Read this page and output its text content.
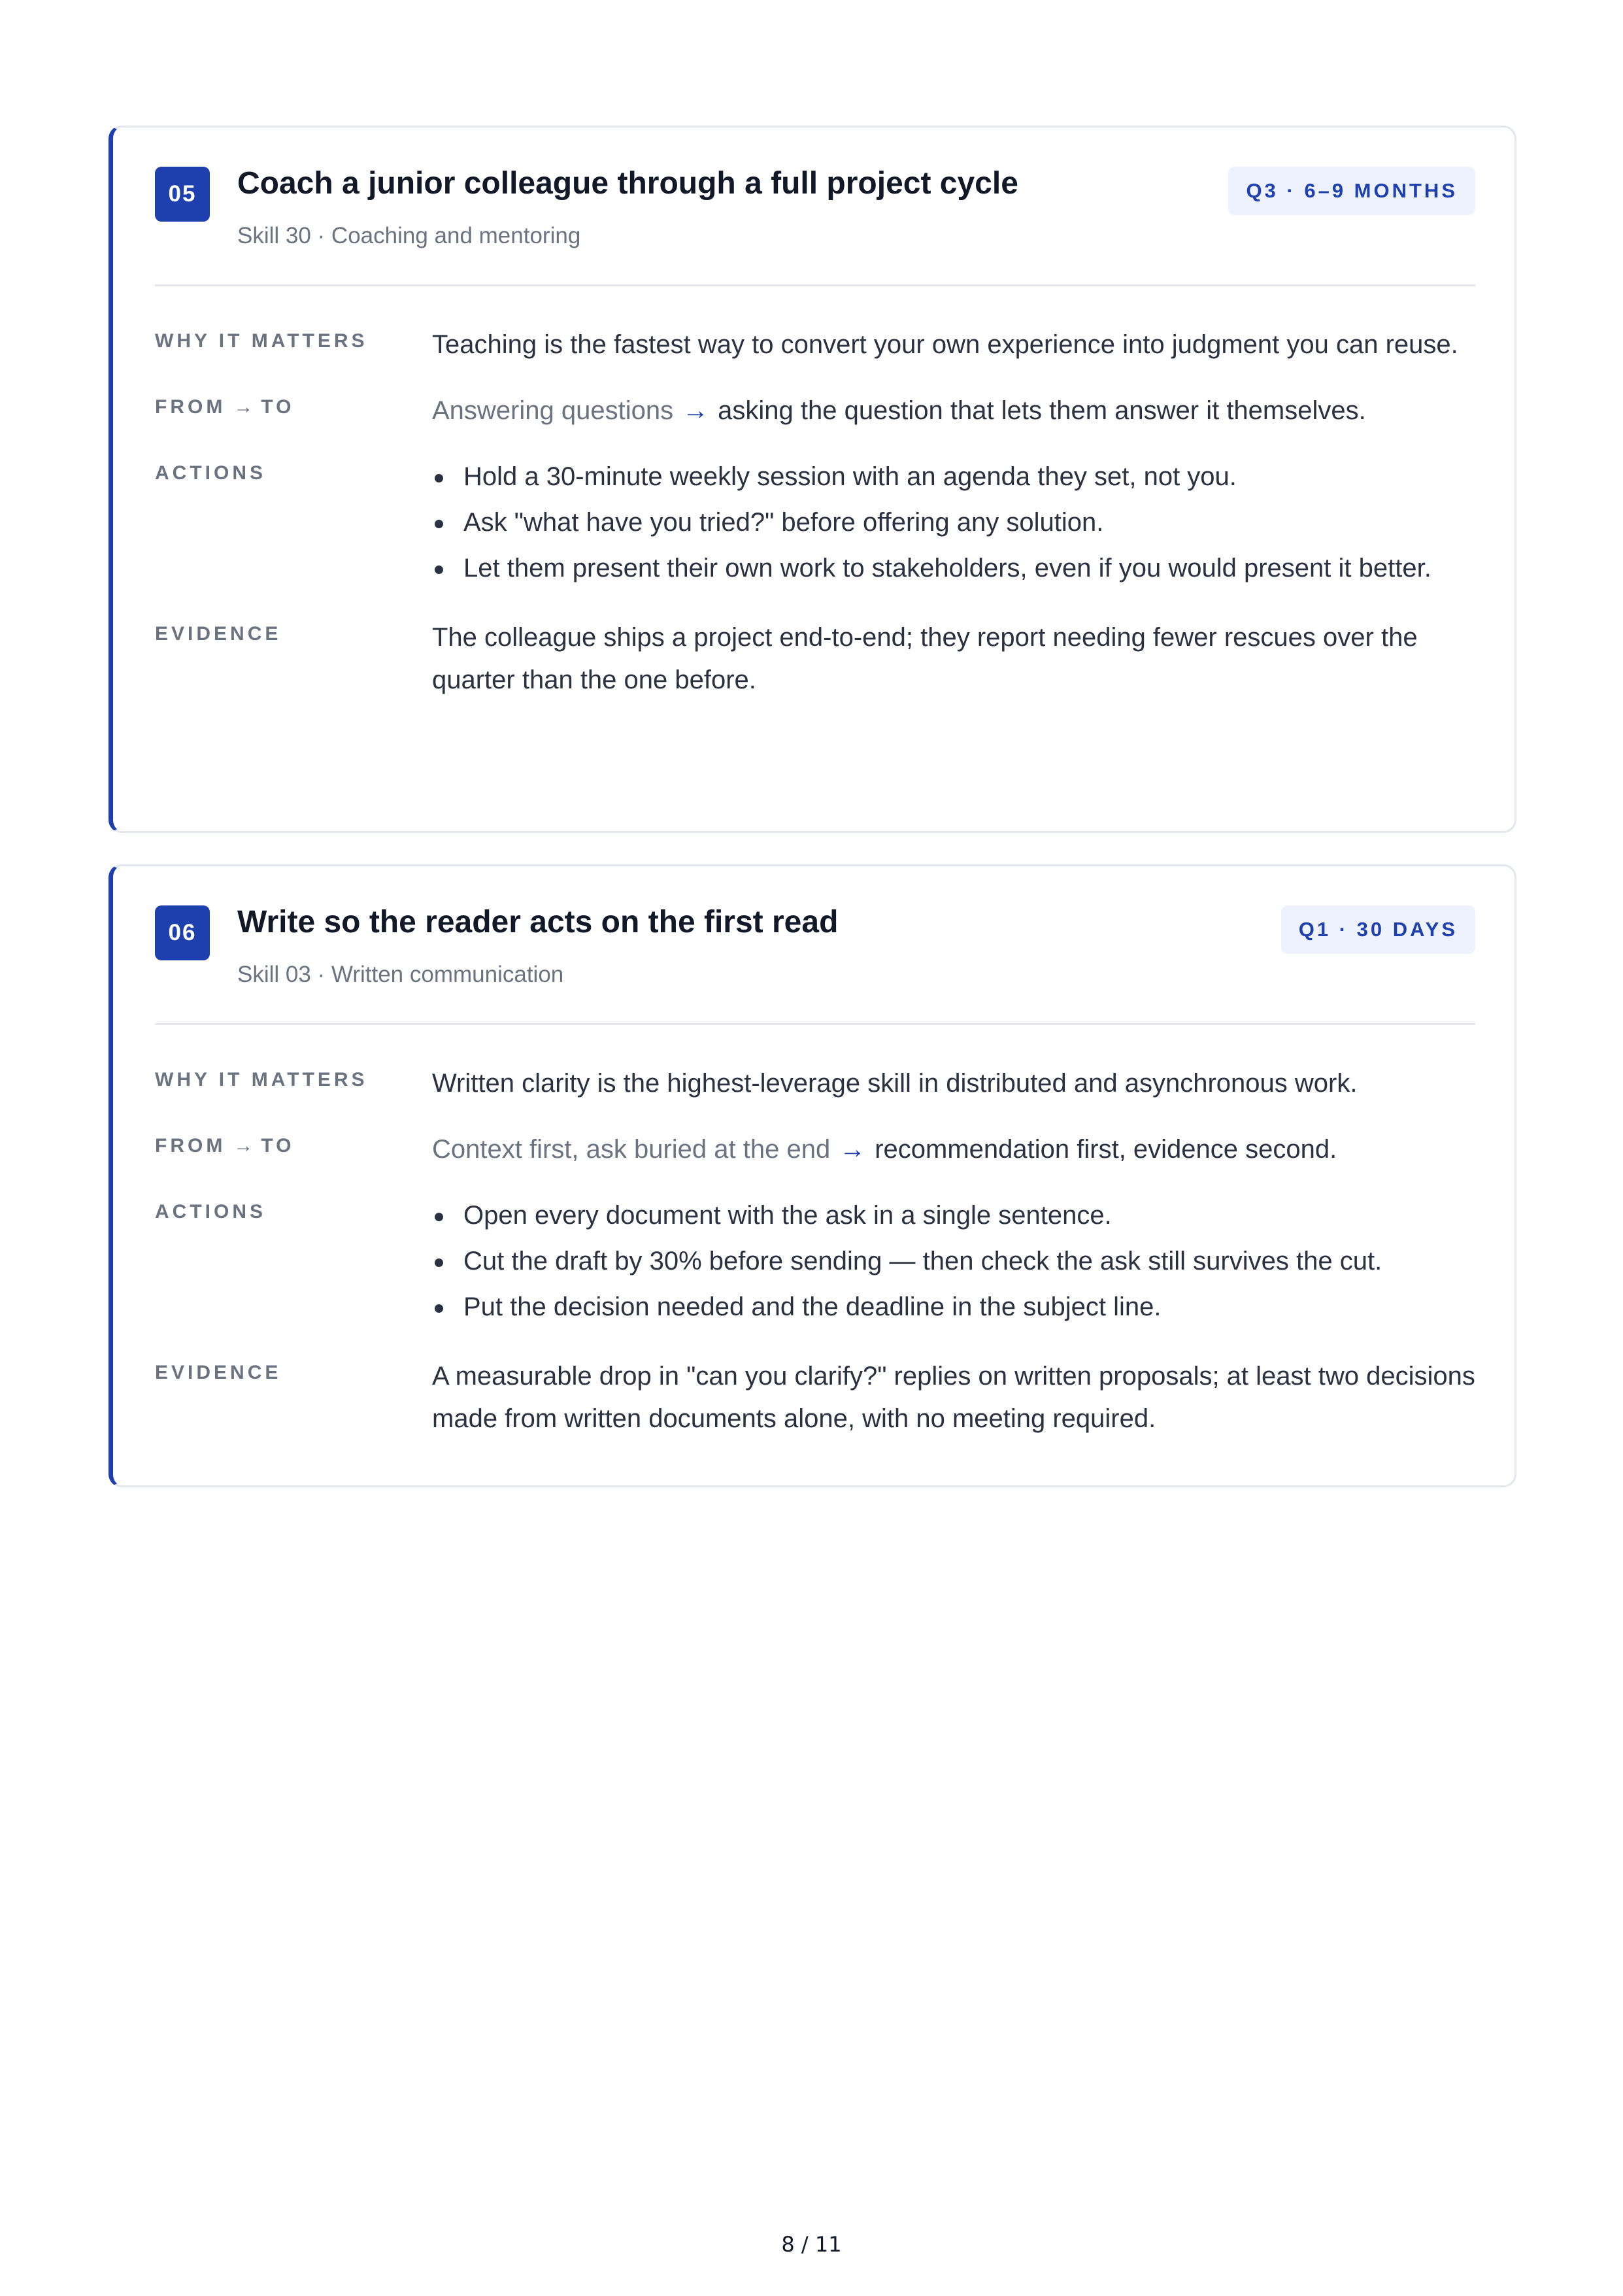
05	Coach a junior colleague through a full project cycle
Skill 30 · Coaching and mentoring
Q3 · 6–9 MONTHS
WHY IT MATTERS	Teaching is the fastest way to convert your own experience into judgment you can reuse.
FROM → TO	Answering questions → asking the question that lets them answer it themselves.
ACTIONS	Hold a 30-minute weekly session with an agenda they set, not you.
Ask "what have you tried?" before offering any solution.
Let them present their own work to stakeholders, even if you would present it better.
EVIDENCE	The colleague ships a project end-to-end; they report needing fewer rescues over the quarter than the one before.
06	Write so the reader acts on the first read
Skill 03 · Written communication
Q1 · 30 DAYS
WHY IT MATTERS	Written clarity is the highest-leverage skill in distributed and asynchronous work.
FROM → TO	Context first, ask buried at the end → recommendation first, evidence second.
ACTIONS	Open every document with the ask in a single sentence.
Cut the draft by 30% before sending — then check the ask still survives the cut.
Put the decision needed and the deadline in the subject line.
EVIDENCE	A measurable drop in "can you clarify?" replies on written proposals; at least two decisions made from written documents alone, with no meeting required.
8 / 11
